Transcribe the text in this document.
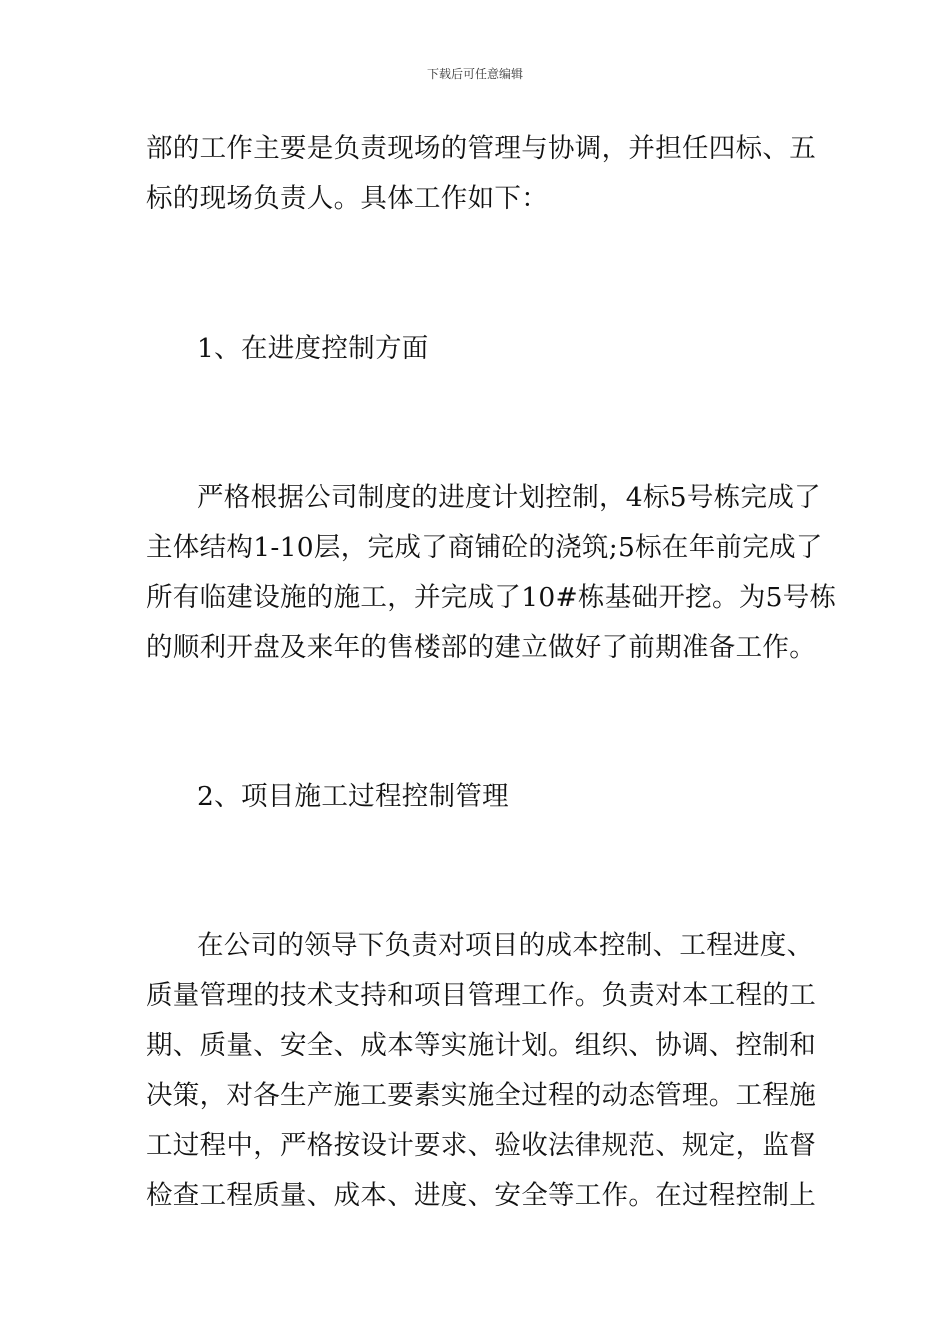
下载后可任意编辑
部的工作主要是负责现场的管理与协调，并担任四标、五
标的现场负责人。具体工作如下：
1、在进度控制方面
严格根据公司制度的进度计划控制，4标5号栋完成了
主体结构1-10层，完成了商铺砼的浇筑;5标在年前完成了
所有临建设施的施工，并完成了10#栋基础开挖。为5号栋
的顺利开盘及来年的售楼部的建立做好了前期准备工作。
2、项目施工过程控制管理
在公司的领导下负责对项目的成本控制、工程进度、
质量管理的技术支持和项目管理工作。负责对本工程的工
期、质量、安全、成本等实施计划。组织、协调、控制和
决策，对各生产施工要素实施全过程的动态管理。工程施
工过程中，严格按设计要求、验收法律规范、规定，监督
检查工程质量、成本、进度、安全等工作。在过程控制上
